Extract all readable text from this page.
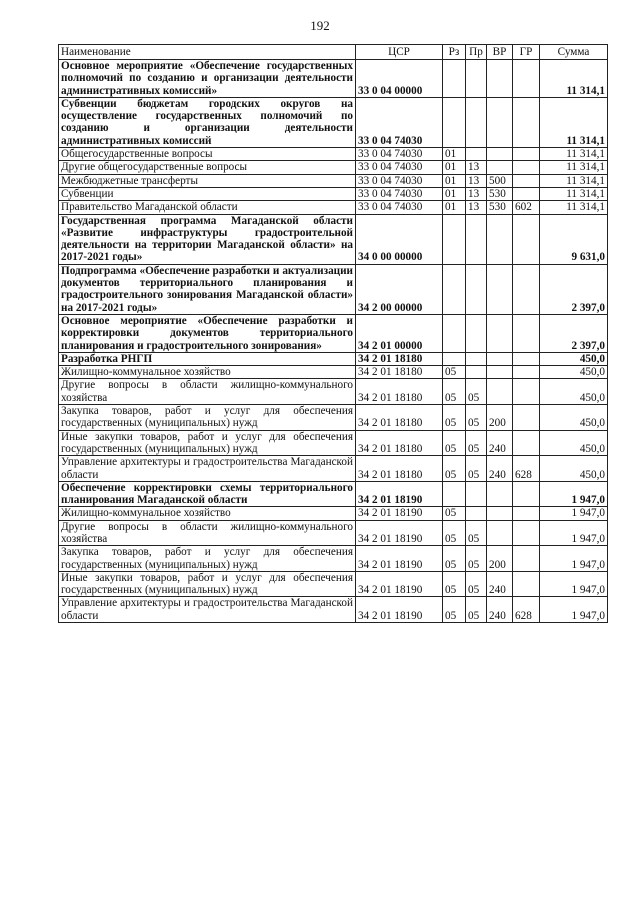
192
Наименование	ЦСР	Рз	Пр	ВР	ГР	Сумма
Основное мероприятие «Обеспечение государственных полномочий по созданию и организации деятельности административных комиссий»	33 0 04 00000					11 314,1
Субвенции бюджетам городских округов на осуществление государственных полномочий по созданию и организации деятельности административных комиссий	33 0 04 74030					11 314,1
Общегосударственные вопросы	33 0 04 74030	01				11 314,1
Другие общегосударственные вопросы	33 0 04 74030	01	13			11 314,1
Межбюджетные трансферты	33 0 04 74030	01	13	500		11 314,1
Субвенции	33 0 04 74030	01	13	530		11 314,1
Правительство Магаданской области	33 0 04 74030	01	13	530	602	11 314,1
Государственная программа Магаданской области «Развитие инфраструктуры градостроительной деятельности на территории Магаданской области» на 2017-2021 годы»	34 0 00 00000					9 631,0
Подпрограмма «Обеспечение разработки и актуализации документов территориального планирования и градостроительного зонирования Магаданской области» на 2017-2021 годы»	34 2 00 00000					2 397,0
Основное мероприятие «Обеспечение разработки и корректировки документов территориального планирования и градостроительного зонирования»	34 2 01 00000					2 397,0
Разработка РНГП	34 2 01 18180					450,0
Жилищно-коммунальное хозяйство	34 2 01 18180	05				450,0
Другие вопросы в области жилищно-коммунального хозяйства	34 2 01 18180	05	05			450,0
Закупка товаров, работ и услуг для обеспечения государственных (муниципальных) нужд	34 2 01 18180	05	05	200		450,0
Иные закупки товаров, работ и услуг для обеспечения государственных (муниципальных) нужд	34 2 01 18180	05	05	240		450,0
Управление архитектуры и градостроительства Магаданской области	34 2 01 18180	05	05	240	628	450,0
Обеспечение корректировки схемы территориального планирования Магаданской области	34 2 01 18190					1 947,0
Жилищно-коммунальное хозяйство	34 2 01 18190	05				1 947,0
Другие вопросы в области жилищно-коммунального хозяйства	34 2 01 18190	05	05			1 947,0
Закупка товаров, работ и услуг для обеспечения государственных (муниципальных) нужд	34 2 01 18190	05	05	200		1 947,0
Иные закупки товаров, работ и услуг для обеспечения государственных (муниципальных) нужд	34 2 01 18190	05	05	240		1 947,0
Управление архитектуры и градостроительства Магаданской области	34 2 01 18190	05	05	240	628	1 947,0
